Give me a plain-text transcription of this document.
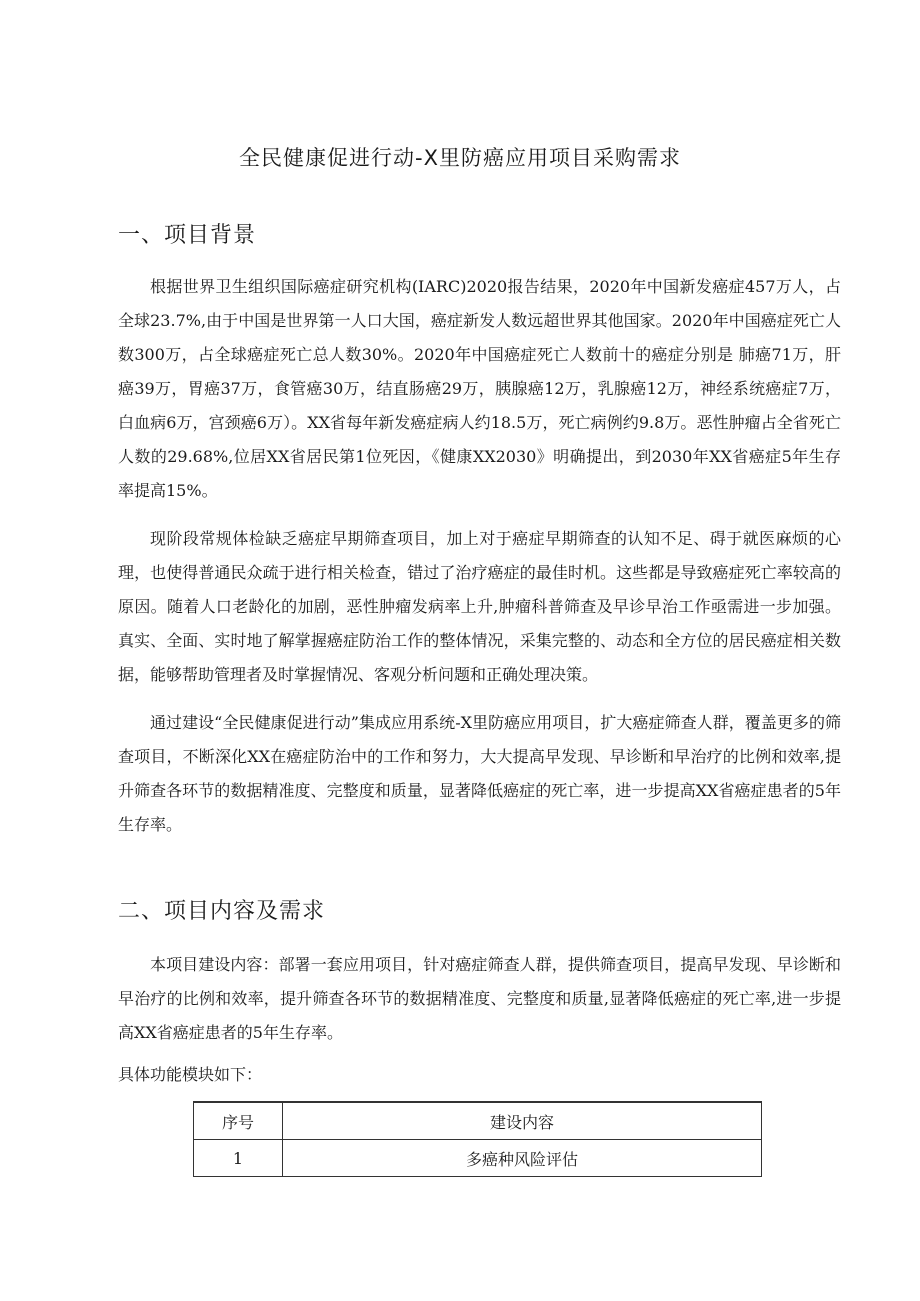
全民健康促进行动-X里防癌应用项目采购需求
一、项目背景

根据世界卫生组织国际癌症研究机构(IARC)2020报告结果，2020年中国新发癌症457万人，占全球23.7%,由于中国是世界第一人口大国，癌症新发人数远超世界其他国家。2020年中国癌症死亡人数300万，占全球癌症死亡总人数30%。2020年中国癌症死亡人数前十的癌症分别是 肺癌71万，肝癌39万，胃癌37万，食管癌30万，结直肠癌29万，胰腺癌12万，乳腺癌12万，神经系统癌症7万，白血病6万，宫颈癌6万）。XX省每年新发癌症病人约18.5万，死亡病例约9.8万。恶性肿瘤占全省死亡人数的29.68%,位居XX省居民第1位死因，《健康XX2030》明确提出，到2030年XX省癌症5年生存率提高15%。

现阶段常规体检缺乏癌症早期筛查项目，加上对于癌症早期筛查的认知不足、碍于就医麻烦的心理，也使得普通民众疏于进行相关检查，错过了治疗癌症的最佳时机。这些都是导致癌症死亡率较高的原因。随着人口老龄化的加剧，恶性肿瘤发病率上升,肿瘤科普筛查及早诊早治工作亟需进一步加强。真实、全面、实时地了解掌握癌症防治工作的整体情况，采集完整的、动态和全方位的居民癌症相关数据，能够帮助管理者及时掌握情况、客观分析问题和正确处理决策。

通过建设“全民健康促进行动”集成应用系统-X里防癌应用项目，扩大癌症筛查人群，覆盖更多的筛查项目，不断深化XX在癌症防治中的工作和努力，大大提高早发现、早诊断和早治疗的比例和效率,提升筛查各环节的数据精准度、完整度和质量，显著降低癌症的死亡率，进一步提高XX省癌症患者的5年生存率。

二、项目内容及需求

本项目建设内容：部署一套应用项目，针对癌症筛查人群，提供筛查项目，提高早发现、早诊断和早治疗的比例和效率，提升筛查各环节的数据精准度、完整度和质量,显著降低癌症的死亡率,进一步提高XX省癌症患者的5年生存率。

具体功能模块如下：

序号	建设内容
1	多癌种风险评估
